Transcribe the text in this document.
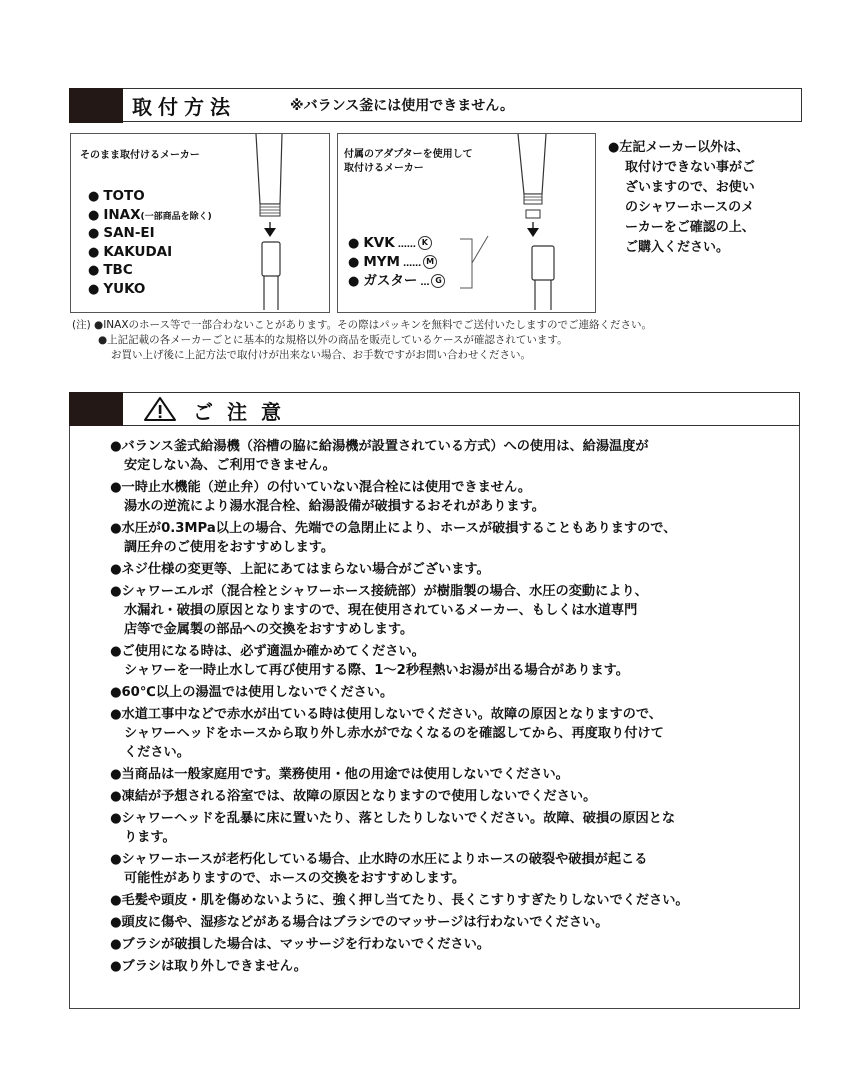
取付方法	※バランス釜には使用できません。
そのまま取付けるメーカー
● TOTO
● INAX(一部商品を除く)
● SAN-EI
● KAKUDAI
● TBC
● YUKO
付属のアダプターを使用して
取付けるメーカー
● KVK …… K
● MYM …… M
● ガスター … G
●左記メーカー以外は、
取付けできない事がご
ざいますので、お使い
のシャワーホースのメ
ーカーをご確認の上、
ご購入ください。
(注) ●INAXのホース等で一部合わないことがあります。その際はパッキンを無料でご送付いたしますのでご連絡ください。
●上記記載の各メーカーごとに基本的な規格以外の商品を販売しているケースが確認されています。
お買い上げ後に上記方法で取付けが出来ない場合、お手数ですがお問い合わせください。
ご注意
●バランス釜式給湯機（浴槽の脇に給湯機が設置されている方式）への使用は、給湯温度が
安定しない為、ご利用できません。
●一時止水機能（逆止弁）の付いていない混合栓には使用できません。
湯水の逆流により湯水混合栓、給湯設備が破損するおそれがあります。
●水圧が0.3MPa以上の場合、先端での急閉止により、ホースが破損することもありますので、
調圧弁のご使用をおすすめします。
●ネジ仕様の変更等、上記にあてはまらない場合がございます。
●シャワーエルボ（混合栓とシャワーホース接続部）が樹脂製の場合、水圧の変動により、
水漏れ・破損の原因となりますので、現在使用されているメーカー、もしくは水道専門
店等で金属製の部品への交換をおすすめします。
●ご使用になる時は、必ず適温か確かめてください。
シャワーを一時止水して再び使用する際、1〜2秒程熱いお湯が出る場合があります。
●60℃以上の湯温では使用しないでください。
●水道工事中などで赤水が出ている時は使用しないでください。故障の原因となりますので、
シャワーヘッドをホースから取り外し赤水がでなくなるのを確認してから、再度取り付けて
ください。
●当商品は一般家庭用です。業務使用・他の用途では使用しないでください。
●凍結が予想される浴室では、故障の原因となりますので使用しないでください。
●シャワーヘッドを乱暴に床に置いたり、落としたりしないでください。故障、破損の原因とな
ります。
●シャワーホースが老朽化している場合、止水時の水圧によりホースの破裂や破損が起こる
可能性がありますので、ホースの交換をおすすめします。
●毛髪や頭皮・肌を傷めないように、強く押し当てたり、長くこすりすぎたりしないでください。
●頭皮に傷や、湿疹などがある場合はブラシでのマッサージは行わないでください。
●ブラシが破損した場合は、マッサージを行わないでください。
●ブラシは取り外しできません。
